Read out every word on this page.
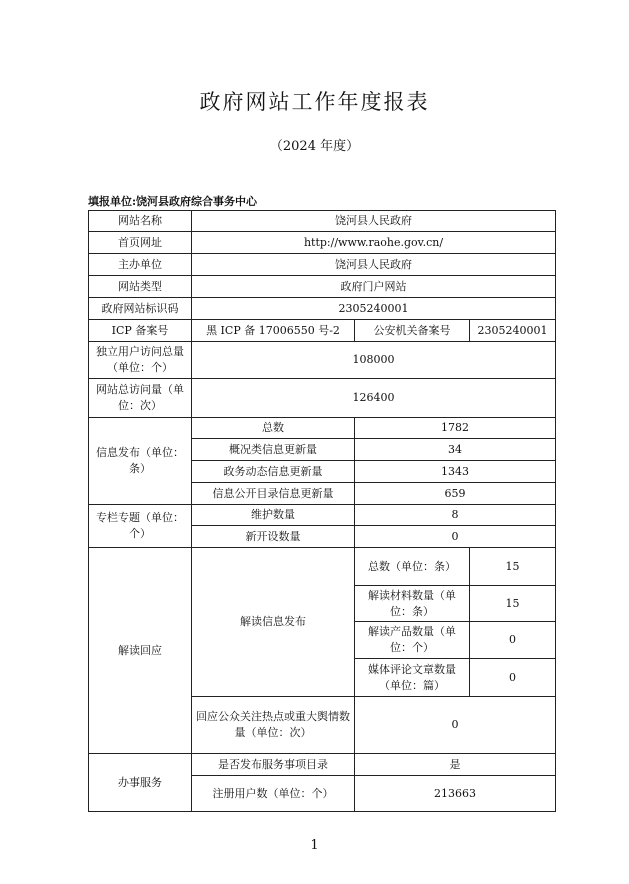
政府网站工作年度报表
（2024 年度）
填报单位:饶河县政府综合事务中心
网站名称	饶河县人民政府		
首页网址	http://www.raohe.gov.cn/		
主办单位	饶河县人民政府		
网站类型	政府门户网站		
政府网站标识码	2305240001		
ICP 备案号	黑 ICP 备 17006550 号-2	公安机关备案号	2305240001
独立用户访问总量（单位：个）	108000		
网站总访问量（单位：次）	126400		
信息发布（单位：条）	总数	1782	
	概况类信息更新量	34	
	政务动态信息更新量	1343	
	信息公开目录信息更新量	659	
专栏专题（单位：个）	维护数量	8	
	新开设数量	0	
解读回应	解读信息发布	总数（单位：条）	15
		解读材料数量（单位：条）	15
		解读产品数量（单位：个）	0
		媒体评论文章数量（单位：篇）	0
	回应公众关注热点或重大舆情数量（单位：次）	0	
办事服务	是否发布服务事项目录	是	
	注册用户数（单位：个）	213663	
1
